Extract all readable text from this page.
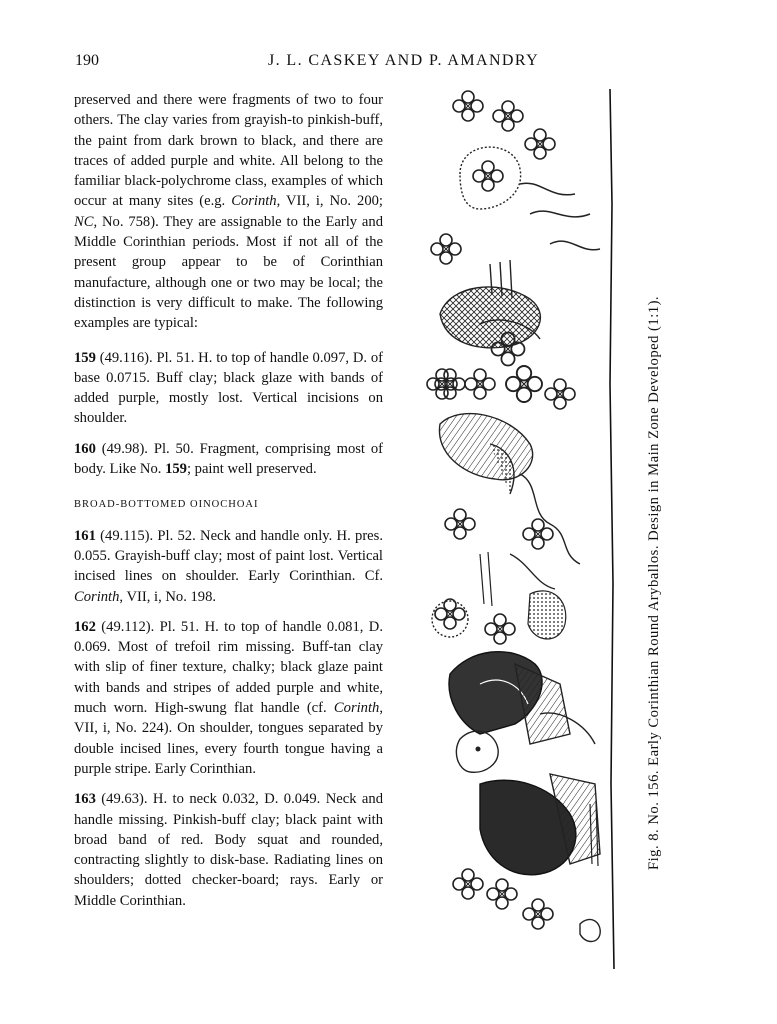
190	J. L. CASKEY AND P. AMANDRY

preserved and there were fragments of two to four others. The clay varies from grayish-to pinkish-buff, the paint from dark brown to black, and there are traces of added purple and white. All belong to the familiar black-polychrome class, examples of which occur at many sites (e.g. Corinth, VII, i, No. 200; NC, No. 758). They are assignable to the Early and Middle Corinthian periods. Most if not all of the present group appear to be of Corinthian manufacture, although one or two may be local; the distinction is very difficult to make. The following examples are typical:

159 (49.116). Pl. 51. H. to top of handle 0.097, D. of base 0.0715. Buff clay; black glaze with bands of added purple, mostly lost. Vertical incisions on shoulder.

160 (49.98). Pl. 50. Fragment, comprising most of body. Like No. 159; paint well preserved.

BROAD-BOTTOMED OINOCHOAI

161 (49.115). Pl. 52. Neck and handle only. H. pres. 0.055. Grayish-buff clay; most of paint lost. Vertical incised lines on shoulder. Early Corinthian. Cf. Corinth, VII, i, No. 198.

162 (49.112). Pl. 51. H. to top of handle 0.081, D. 0.069. Most of trefoil rim missing. Buff-tan clay with slip of finer texture, chalky; black glaze paint with bands and stripes of added purple and white, much worn. High-swung flat handle (cf. Corinth, VII, i, No. 224). On shoulder, tongues separated by double incised lines, every fourth tongue having a purple stripe. Early Corinthian.

163 (49.63). H. to neck 0.032, D. 0.049. Neck and handle missing. Pinkish-buff clay; black paint with broad band of red. Body squat and rounded, contracting slightly to disk-base. Radiating lines on shoulders; dotted checker-board; rays. Early or Middle Corinthian.

Fig. 8. No. 156. Early Corinthian Round Aryballos. Design in Main Zone Developed (1:1).
